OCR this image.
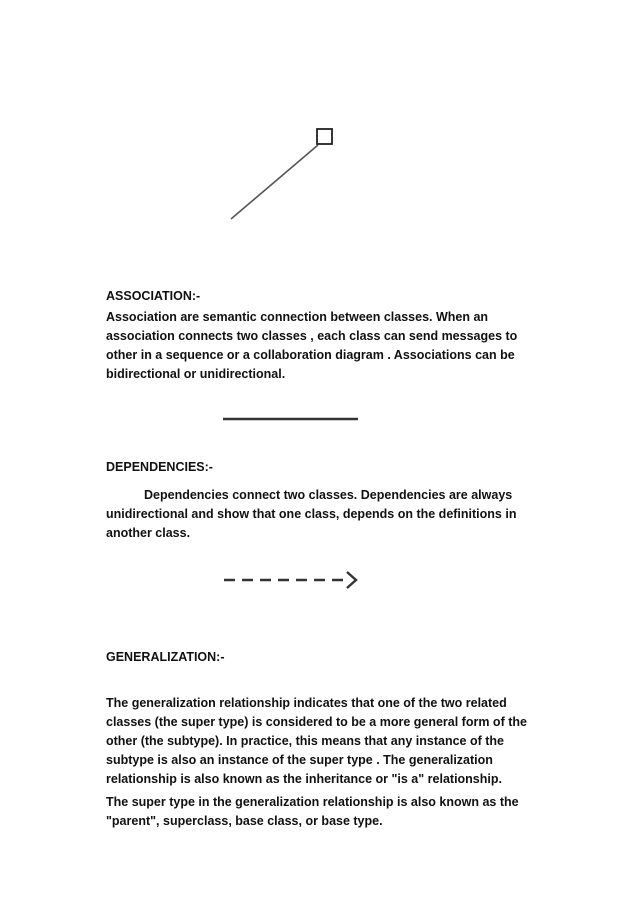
ASSOCIATION:-

Association are semantic connection between classes. When an association connects two classes , each class can send messages to other in a sequence or a collaboration diagram . Associations can be bidirectional or unidirectional.

DEPENDENCIES:-

Dependencies connect two classes. Dependencies are always unidirectional and show that one class, depends on the definitions in another class.

GENERALIZATION:-

The generalization relationship indicates that one of the two related classes (the super type) is considered to be a more general form of the other (the subtype). In practice, this means that any instance of the subtype is also an instance of the super type . The generalization relationship is also known as the inheritance or "is a" relationship.

The super type in the generalization relationship is also known as the "parent", superclass, base class, or base type.
